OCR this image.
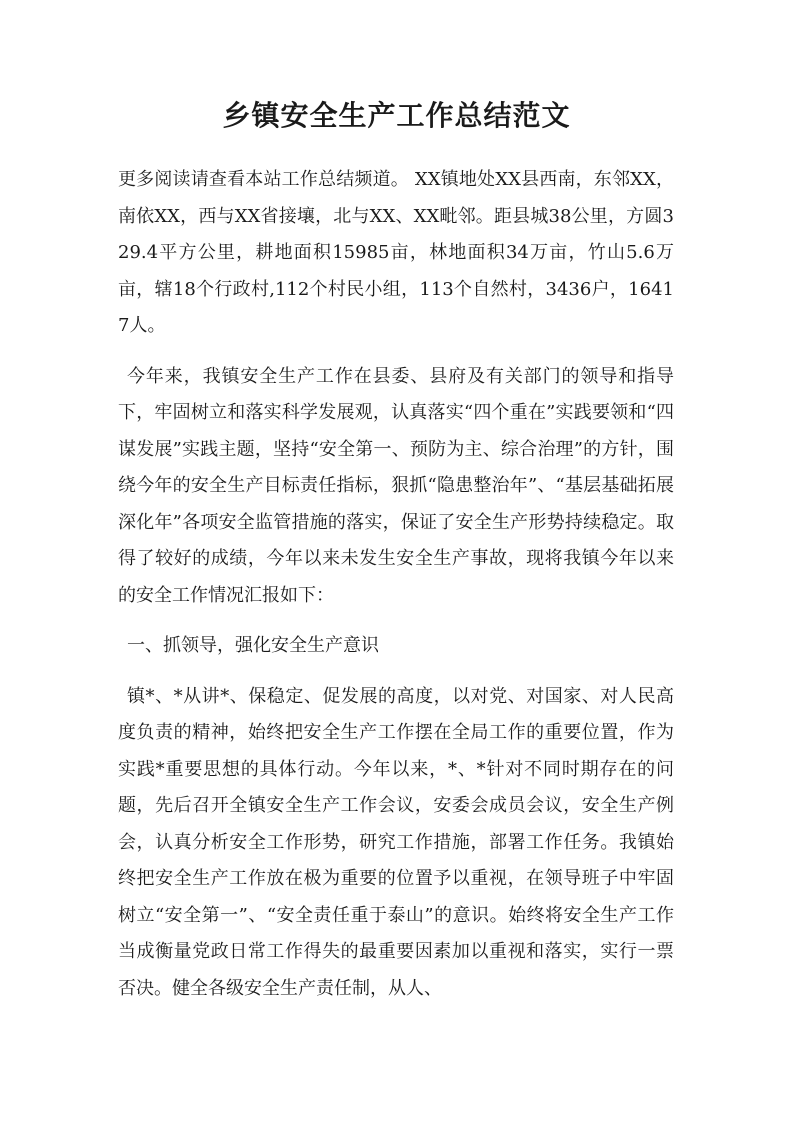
乡镇安全生产工作总结范文

更多阅读请查看本站工作总结频道。 XX镇地处XX县西南，东邻XX，南依XX，西与XX省接壤，北与XX、XX毗邻。距县城38公里，方圆329.4平方公里，耕地面积15985亩，林地面积34万亩，竹山5.6万亩，辖18个行政村,112个村民小组，113个自然村，3436户，16417人。

今年来，我镇安全生产工作在县委、县府及有关部门的领导和指导下，牢固树立和落实科学发展观，认真落实“四个重在”实践要领和“四谋发展”实践主题，坚持“安全第一、预防为主、综合治理”的方针，围绕今年的安全生产目标责任指标，狠抓“隐患整治年”、“基层基础拓展深化年”各项安全监管措施的落实，保证了安全生产形势持续稳定。取得了较好的成绩，今年以来未发生安全生产事故，现将我镇今年以来的安全工作情况汇报如下：

一、抓领导，强化安全生产意识

镇*、*从讲*、保稳定、促发展的高度，以对党、对国家、对人民高度负责的精神，始终把安全生产工作摆在全局工作的重要位置，作为实践*重要思想的具体行动。今年以来，*、*针对不同时期存在的问题，先后召开全镇安全生产工作会议，安委会成员会议，安全生产例会，认真分析安全工作形势，研究工作措施，部署工作任务。我镇始终把安全生产工作放在极为重要的位置予以重视，在领导班子中牢固树立“安全第一”、“安全责任重于泰山”的意识。始终将安全生产工作当成衡量党政日常工作得失的最重要因素加以重视和落实，实行一票否决。健全各级安全生产责任制，从人、
